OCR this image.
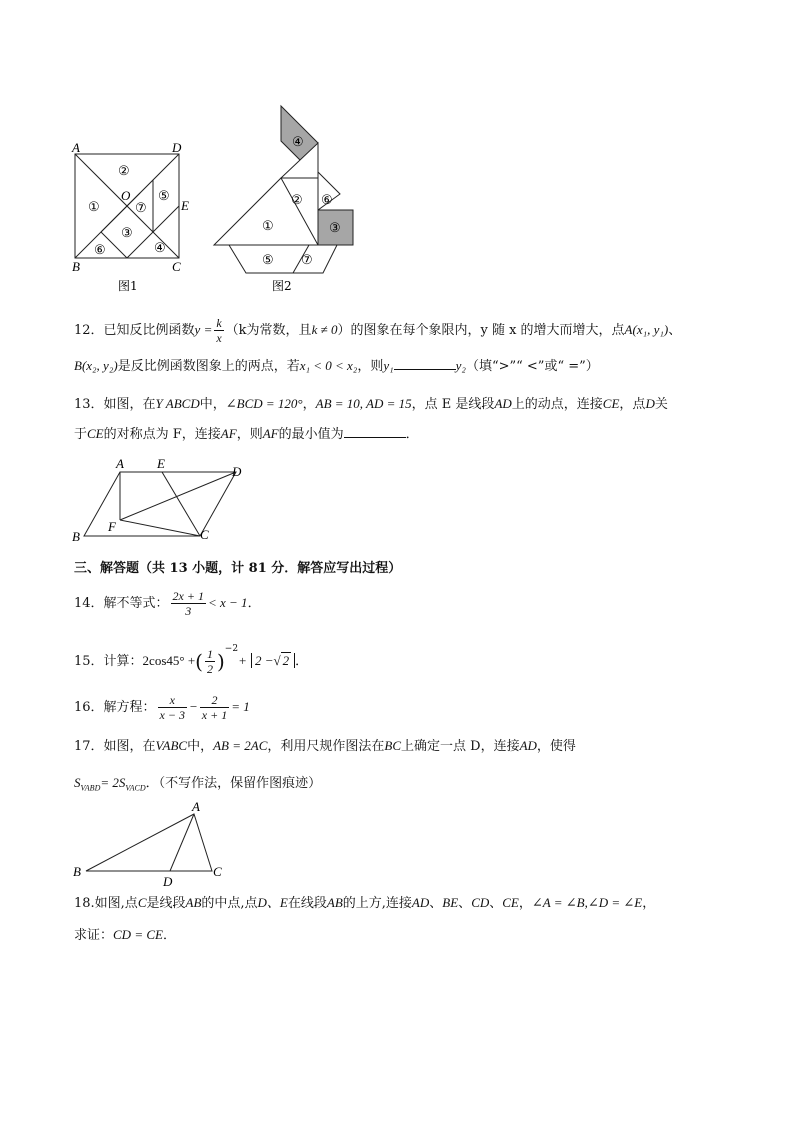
A	D
B	C
E
O
②
①	⑦
⑤
③
⑥	④
图1
④
②
①
⑥
③
⑤ ⑦
图2
12．已知反比例函数$y = \frac{k}{x} (k$为常数，且k ≠ 0）的图象在每个象限内，y 随 x 的增大而增大，点A(x₁, y₁)、
B(x₂, y₂)是反比例函数图象上的两点，若x₁ < 0 < x₂，则y₁	y₂（填“>”“ <”或“ =”）
13．如图，在Y ABCD中，∠BCD = 120°，AB = 10, AD = 15，点 E 是线段AD上的动点，连接CE，点D关
于CE的对称点为 F，连接AF，则AF的最小值为	．
A	E
D
B
F
C
三、解答题（共 13 小题，计 81 分．解答应写出过程）
14．解不等式： $\frac{2x + 1}{3} < x - 1$．
15．计算：2cos45° +( $\frac{1}{2} )^{-2}+ 2$ −√ 2 ．
16．解方程： $\frac{x}{x - 3} - \frac{2}{x + 1} = 1$
17．如图，在VABC中，AB = 2AC，利用尺规作图法在BC上确定一点 D，连接AD，使得
$S_{VABD}= 2S_{VACD}$．（不写作法，保留作图痕迹）
A
B	C
D
18.如图,点C是线段AB的中点,点D、E在线段AB的上方,连接AD、BE、CD、CE，∠A = ∠B,∠D = ∠E，
求证：CD = CE．
